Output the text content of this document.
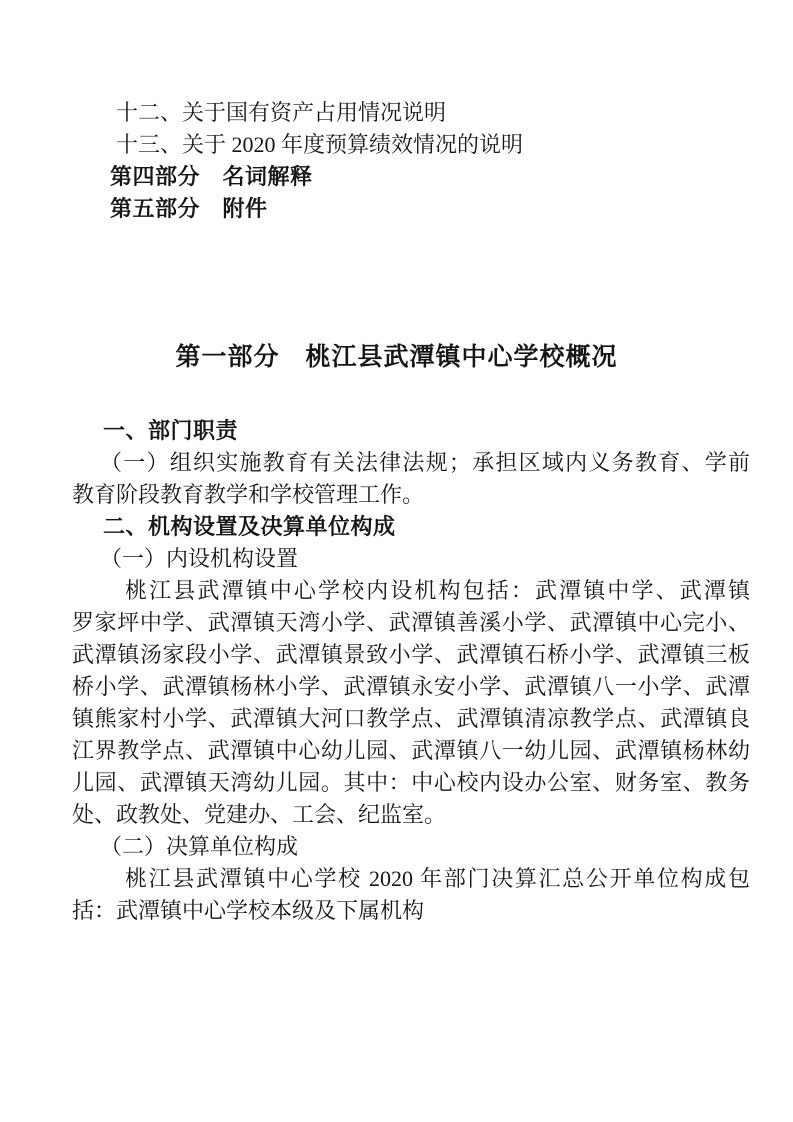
十二、关于国有资产占用情况说明
十三、关于 2020 年度预算绩效情况的说明
第四部分　名词解释
第五部分　附件
第一部分　桃江县武潭镇中心学校概况
一、部门职责
（一）组织实施教育有关法律法规；承担区域内义务教育、学前
教育阶段教育教学和学校管理工作。
二、机构设置及决算单位构成
（一）内设机构设置
桃江县武潭镇中心学校内设机构包括：武潭镇中学、武潭镇
罗家坪中学、武潭镇天湾小学、武潭镇善溪小学、武潭镇中心完小、
武潭镇汤家段小学、武潭镇景致小学、武潭镇石桥小学、武潭镇三板
桥小学、武潭镇杨林小学、武潭镇永安小学、武潭镇八一小学、武潭
镇熊家村小学、武潭镇大河口教学点、武潭镇清凉教学点、武潭镇良
江界教学点、武潭镇中心幼儿园、武潭镇八一幼儿园、武潭镇杨林幼
儿园、武潭镇天湾幼儿园。其中：中心校内设办公室、财务室、教务
处、政教处、党建办、工会、纪监室。
（二）决算单位构成
桃江县武潭镇中心学校 2020 年部门决算汇总公开单位构成包
括：武潭镇中心学校本级及下属机构
